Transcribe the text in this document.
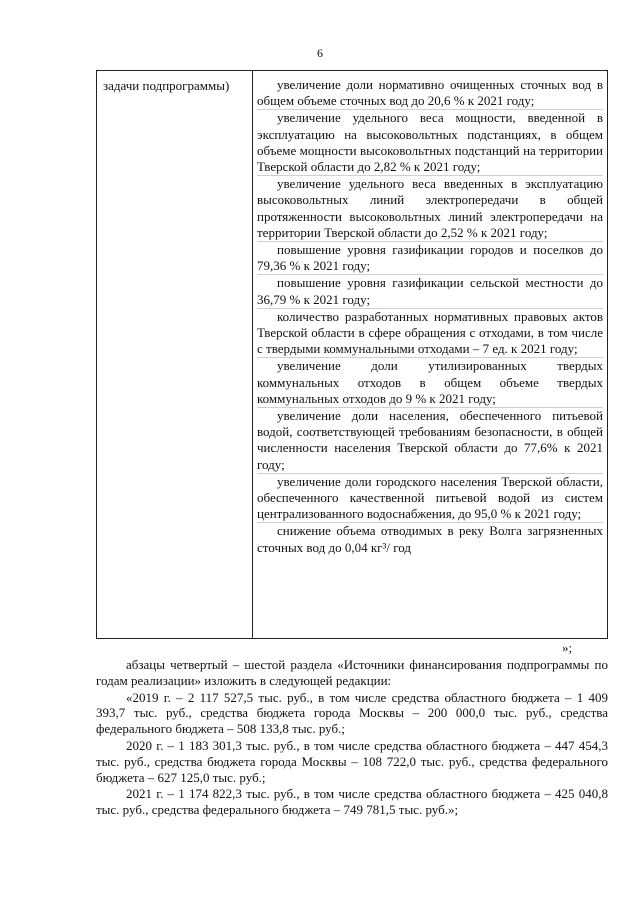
6
задачи подпрограммы)	увеличение доли нормативно очищенных сточных вод в общем объеме сточных вод до 20,6 % к 2021 году;

увеличение удельного веса мощности, введенной в эксплуатацию на высоковольтных подстанциях, в общем объеме мощности высоковольтных подстанций на территории Тверской области до 2,82 % к 2021 году;

увеличение удельного веса введенных в эксплуатацию высоковольтных линий электропередачи в общей протяженности высоковольтных линий электропередачи на территории Тверской области до 2,52 % к 2021 году;

повышение уровня газификации городов и поселков до 79,36 % к 2021 году;

повышение уровня газификации сельской местности до 36,79 % к 2021 году;

количество разработанных нормативных правовых актов Тверской области в сфере обращения с отходами, в том числе с твердыми коммунальными отходами – 7 ед. к 2021 году;

увеличение доли утилизированных твердых коммунальных отходов в общем объеме твердых коммунальных отходов до 9 % к 2021 году;

увеличение доли населения, обеспеченного питьевой водой, соответствующей требованиям безопасности, в общей численности населения Тверской области до 77,6% к 2021 году;

увеличение доли городского населения Тверской области, обеспеченного качественной питьевой водой из систем централизованного водоснабжения, до 95,0 % к 2021 году;

снижение объема отводимых в реку Волга загрязненных сточных вод до 0,04 кг³/ год

»;

абзацы четвертый – шестой раздела «Источники финансирования подпрограммы по годам реализации» изложить в следующей редакции:

«2019 г. – 2 117 527,5 тыс. руб., в том числе средства областного бюджета – 1 409 393,7 тыс. руб., средства бюджета города Москвы – 200 000,0 тыс. руб., средства федерального бюджета – 508 133,8 тыс. руб.;

2020 г. – 1 183 301,3 тыс. руб., в том числе средства областного бюджета – 447 454,3 тыс. руб., средства бюджета города Москвы – 108 722,0 тыс. руб., средства федерального бюджета – 627 125,0 тыс. руб.;

2021 г. – 1 174 822,3 тыс. руб., в том числе средства областного бюджета – 425 040,8 тыс. руб., средства федерального бюджета – 749 781,5 тыс. руб.»;
